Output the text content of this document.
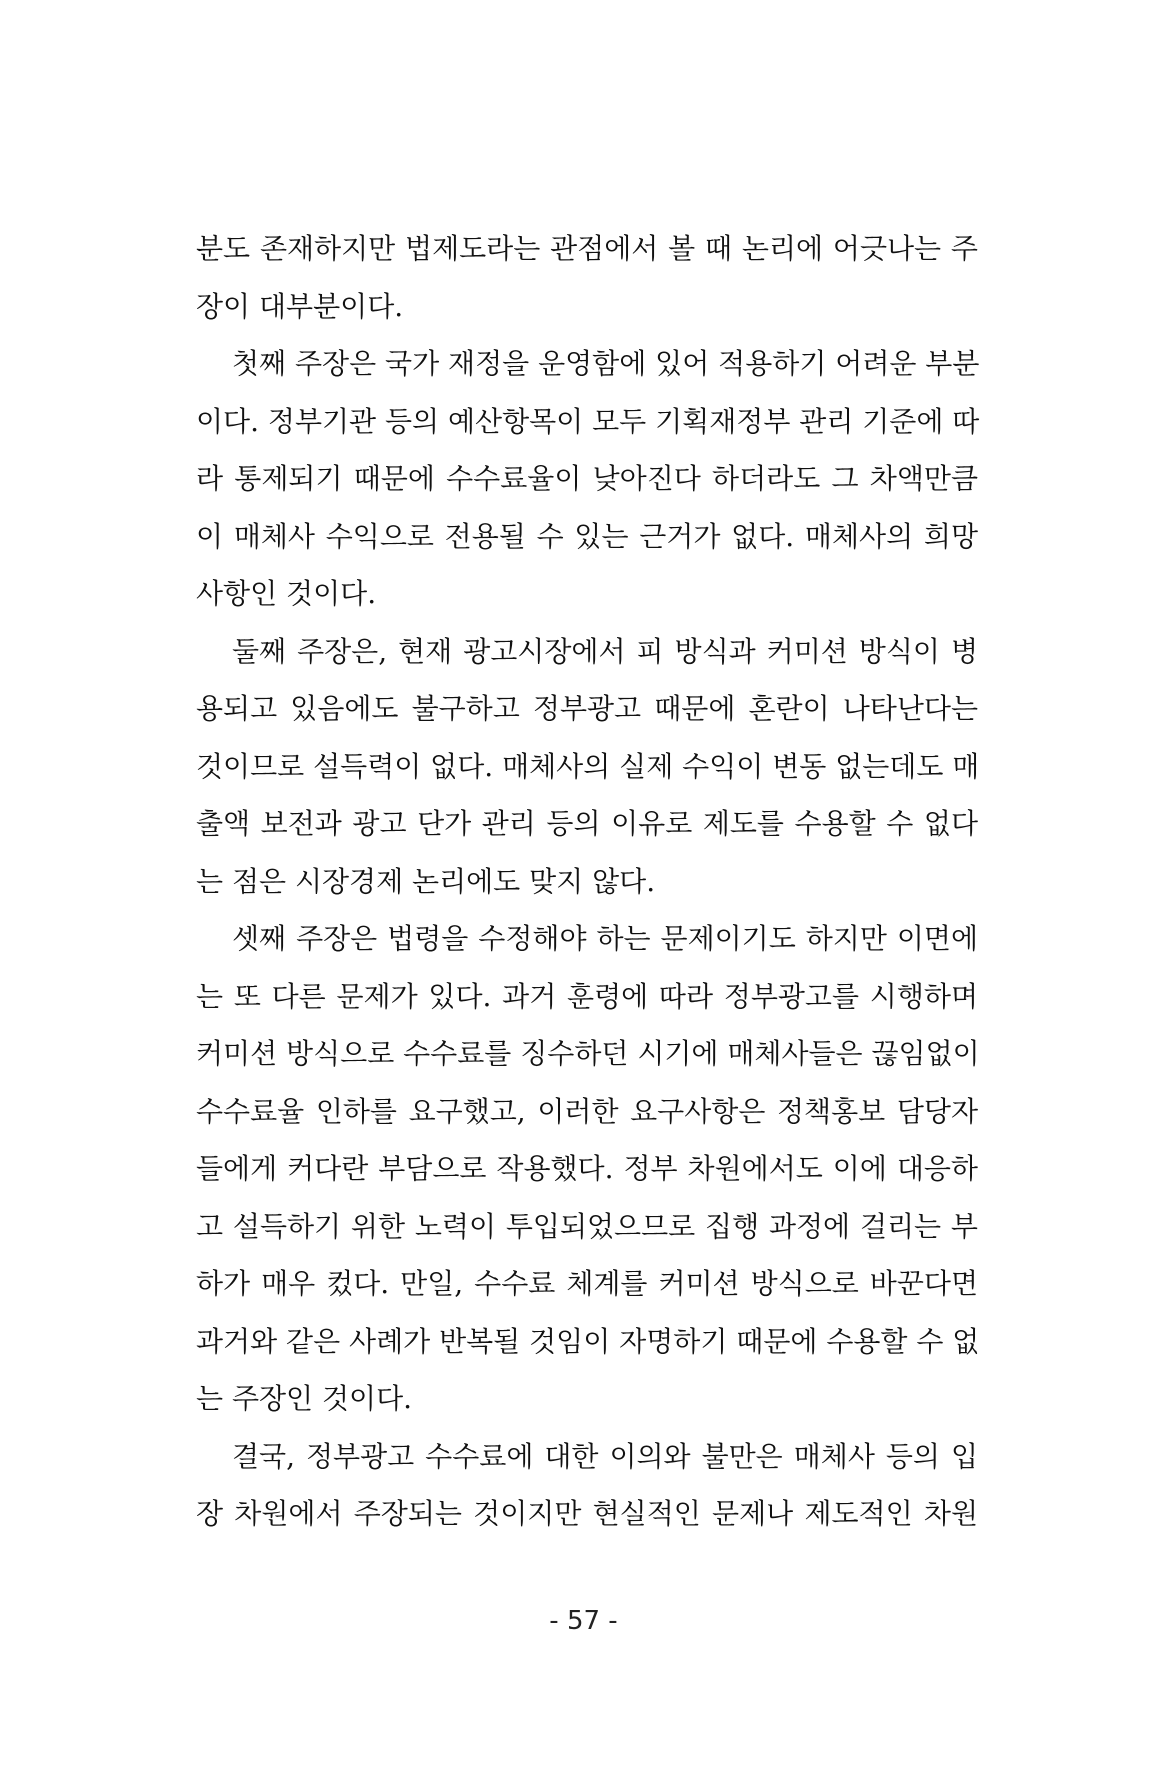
분도 존재하지만 법제도라는 관점에서 볼 때 논리에 어긋나는 주
장이 대부분이다.
첫째 주장은 국가 재정을 운영함에 있어 적용하기 어려운 부분
이다. 정부기관 등의 예산항목이 모두 기획재정부 관리 기준에 따
라 통제되기 때문에 수수료율이 낮아진다 하더라도 그 차액만큼
이 매체사 수익으로 전용될 수 있는 근거가 없다. 매체사의 희망
사항인 것이다.
둘째 주장은, 현재 광고시장에서 피 방식과 커미션 방식이 병
용되고 있음에도 불구하고 정부광고 때문에 혼란이 나타난다는
것이므로 설득력이 없다. 매체사의 실제 수익이 변동 없는데도 매
출액 보전과 광고 단가 관리 등의 이유로 제도를 수용할 수 없다
는 점은 시장경제 논리에도 맞지 않다.
셋째 주장은 법령을 수정해야 하는 문제이기도 하지만 이면에
는 또 다른 문제가 있다. 과거 훈령에 따라 정부광고를 시행하며
커미션 방식으로 수수료를 징수하던 시기에 매체사들은 끊임없이
수수료율 인하를 요구했고, 이러한 요구사항은 정책홍보 담당자
들에게 커다란 부담으로 작용했다. 정부 차원에서도 이에 대응하
고 설득하기 위한 노력이 투입되었으므로 집행 과정에 걸리는 부
하가 매우 컸다. 만일, 수수료 체계를 커미션 방식으로 바꾼다면
과거와 같은 사례가 반복될 것임이 자명하기 때문에 수용할 수 없
는 주장인 것이다.
결국, 정부광고 수수료에 대한 이의와 불만은 매체사 등의 입
장 차원에서 주장되는 것이지만 현실적인 문제나 제도적인 차원
- 57 -
